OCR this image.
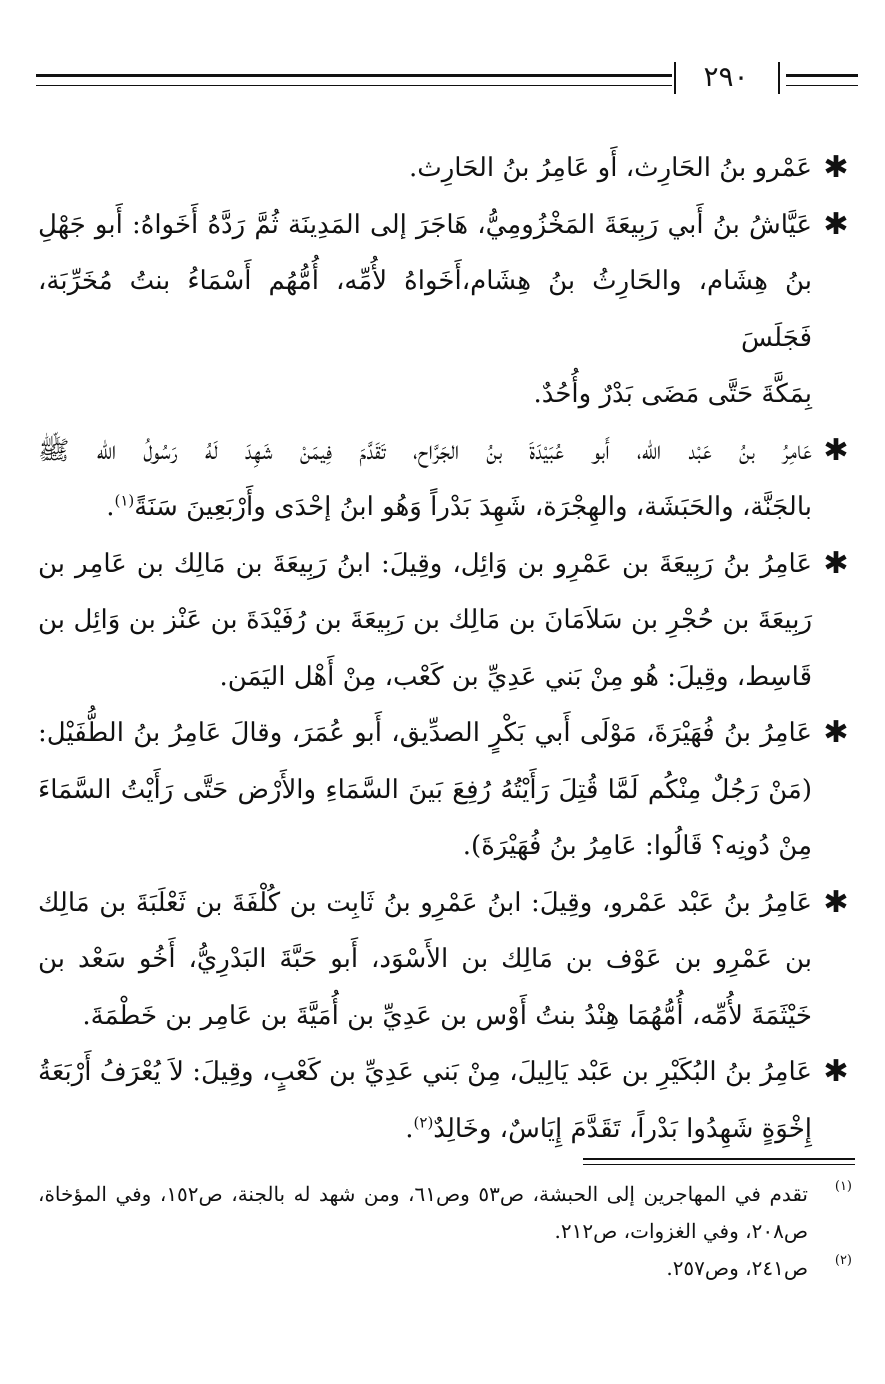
٢٩٠

✱
عَمْرو بنُ الحَارِث، أَو عَامِرُ بنُ الحَارِث.

✱
عَيَّاشُ بنُ أَبي رَبِيعَةَ المَخْزُومِيُّ، هَاجَرَ إلى المَدِينَة ثُمَّ رَدَّهُ أَخَواهُ: أَبو جَهْلِ
بنُ هِشَام، والحَارِثُ بنُ هِشَام،أَخَواهُ لأُمِّه، أُمُّهُم أَسْمَاءُ بنتُ مُخَرِّبَة، فَجَلَسَ
بِمَكَّةَ حَتَّى مَضَى بَدْرٌ وأُحُدٌ.

✱
عَامِرُ بنُ عَبْد الله، أَبو عُبَيْدَةَ بنُ الجَرَّاح، تَقَدَّمَ فِيمَنْ شَهِدَ لَهُ رَسُولُ الله ﷺ
بالجَنَّة، والحَبَشَة، والهِجْرَة، شَهِدَ بَدْراً وَهُو ابنُ إحْدَى وأَرْبَعِينَ سَنَةً$^{(١)}$.

✱
عَامِرُ بنُ رَبِيعَةَ بن عَمْرِو بن وَائِل، وقِيلَ: ابنُ رَبِيعَةَ بن مَالِك بن عَامِر بن
رَبِيعَةَ بن حُجْرِ بن سَلاَمَانَ بن مَالِك بن رَبِيعَةَ بن رُفَيْدَةَ بن عَنْز بن وَائِل بن
قَاسِط، وقِيلَ: هُو مِنْ بَني عَدِيِّ بن كَعْب، مِنْ أَهْل اليَمَن.

✱
عَامِرُ بنُ فُهَيْرَةَ، مَوْلَى أَبي بَكْرٍ الصدِّيق، أَبو عُمَرَ، وقالَ عَامِرُ بنُ الطُّفَيْل:
(مَنْ رَجُلٌ مِنْكُم لَمَّا قُتِلَ رَأَيْتُهُ رُفِعَ بَينَ السَّمَاءِ والأَرْض حَتَّى رَأَيْتُ السَّمَاءَ
مِنْ دُونِه؟ قَالُوا: عَامِرُ بنُ فُهَيْرَةَ).

✱
عَامِرُ بنُ عَبْد عَمْرو، وقِيلَ: ابنُ عَمْرِو بنُ ثَابِت بن كُلْفَةَ بن ثَعْلَبَةَ بن مَالِك
بن عَمْرِو بن عَوْف بن مَالِك بن الأَسْوَد، أَبو حَبَّةَ البَدْرِيُّ، أَخُو سَعْد بن
خَيْثَمَةَ لأُمِّه، أُمُّهُمَا هِنْدُ بنتُ أَوْس بن عَدِيِّ بن أُمَيَّةَ بن عَامِر بن خَطْمَةَ.

✱
عَامِرُ بنُ البُكَيْرِ بن عَبْد يَالِيلَ، مِنْ بَني عَدِيِّ بن كَعْبٍ، وقِيلَ: لاَ يُعْرَفُ أَرْبَعَةُ
إِخْوَةٍ شَهِدُوا بَدْراً، تَقَدَّمَ إِيَاسٌ، وخَالِدٌ$^{(٢)}$.

(١)
تقدم في المهاجرين إلى الحبشة، ص٥٣ وص٦١، ومن شهد له بالجنة، ص١٥٢، وفي المؤخاة،
ص٢٠٨، وفي الغزوات، ص٢١٢.

(٢)
ص٢٤١، وص٢٥٧.
